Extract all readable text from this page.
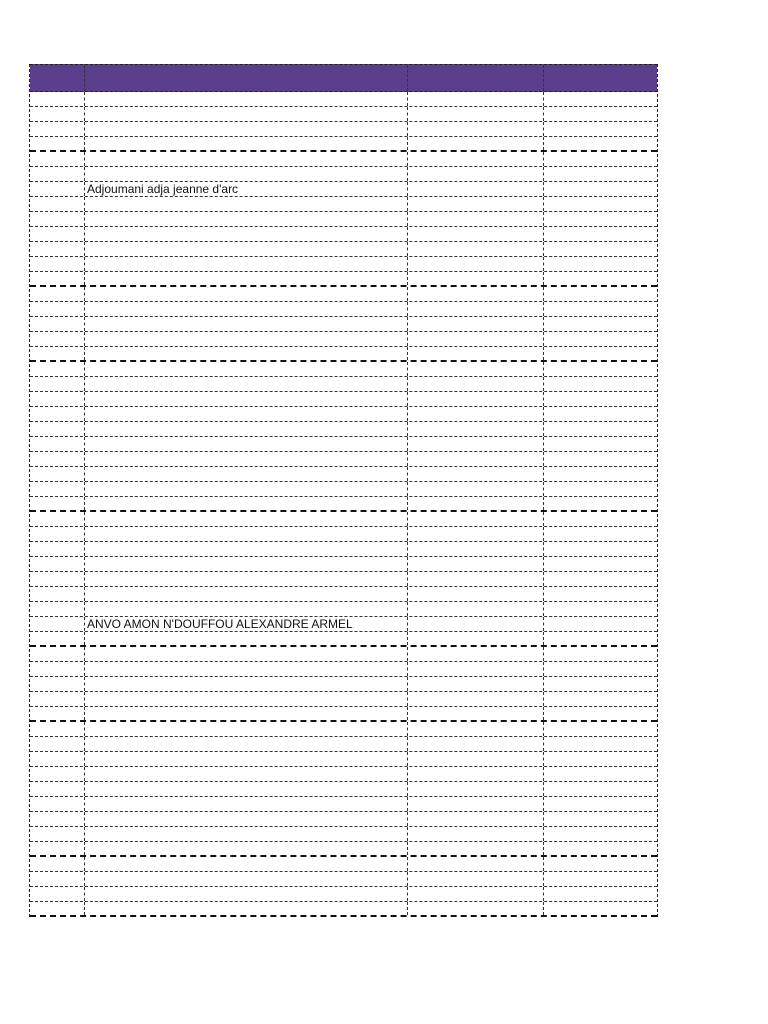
Adjoumani adja jeanne d'arc
ANVO AMON N'DOUFFOU ALEXANDRE ARMEL
